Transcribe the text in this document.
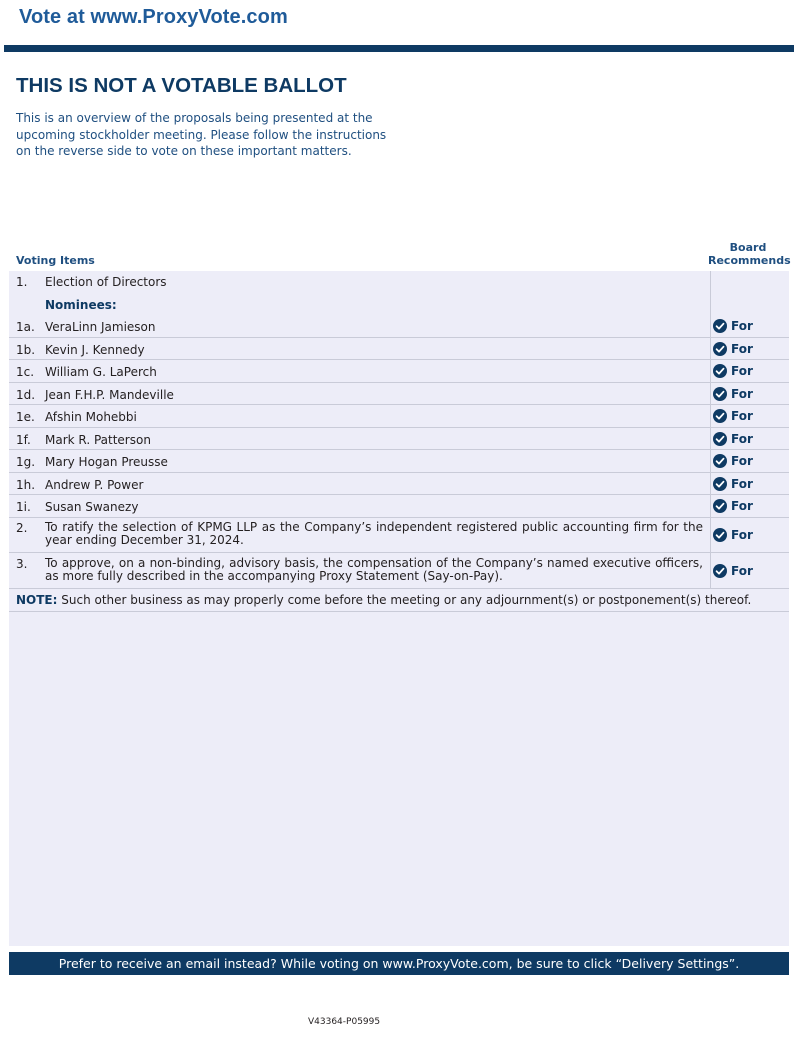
Vote at www.ProxyVote.com
THIS IS NOT A VOTABLE BALLOT
This is an overview of the proposals being presented at the upcoming stockholder meeting. Please follow the instructions on the reverse side to vote on these important matters.
Voting Items
Board
Recommends
1. Election of Directors
Nominees:
1a. VeraLinn Jamieson	For
1b. Kevin J. Kennedy	For
1c. William G. LaPerch	For
1d. Jean F.H.P. Mandeville	For
1e. Afshin Mohebbi	For
1f. Mark R. Patterson	For
1g. Mary Hogan Preusse	For
1h. Andrew P. Power	For
1i. Susan Swanezy	For
2. To ratify the selection of KPMG LLP as the Company’s independent registered public accounting firm for the year ending December 31, 2024.	For
3. To approve, on a non-binding, advisory basis, the compensation of the Company’s named executive officers, as more fully described in the accompanying Proxy Statement (Say-on-Pay).	For
NOTE: Such other business as may properly come before the meeting or any adjournment(s) or postponement(s) thereof.
Prefer to receive an email instead? While voting on www.ProxyVote.com, be sure to click “Delivery Settings”.
V43364-P05995
